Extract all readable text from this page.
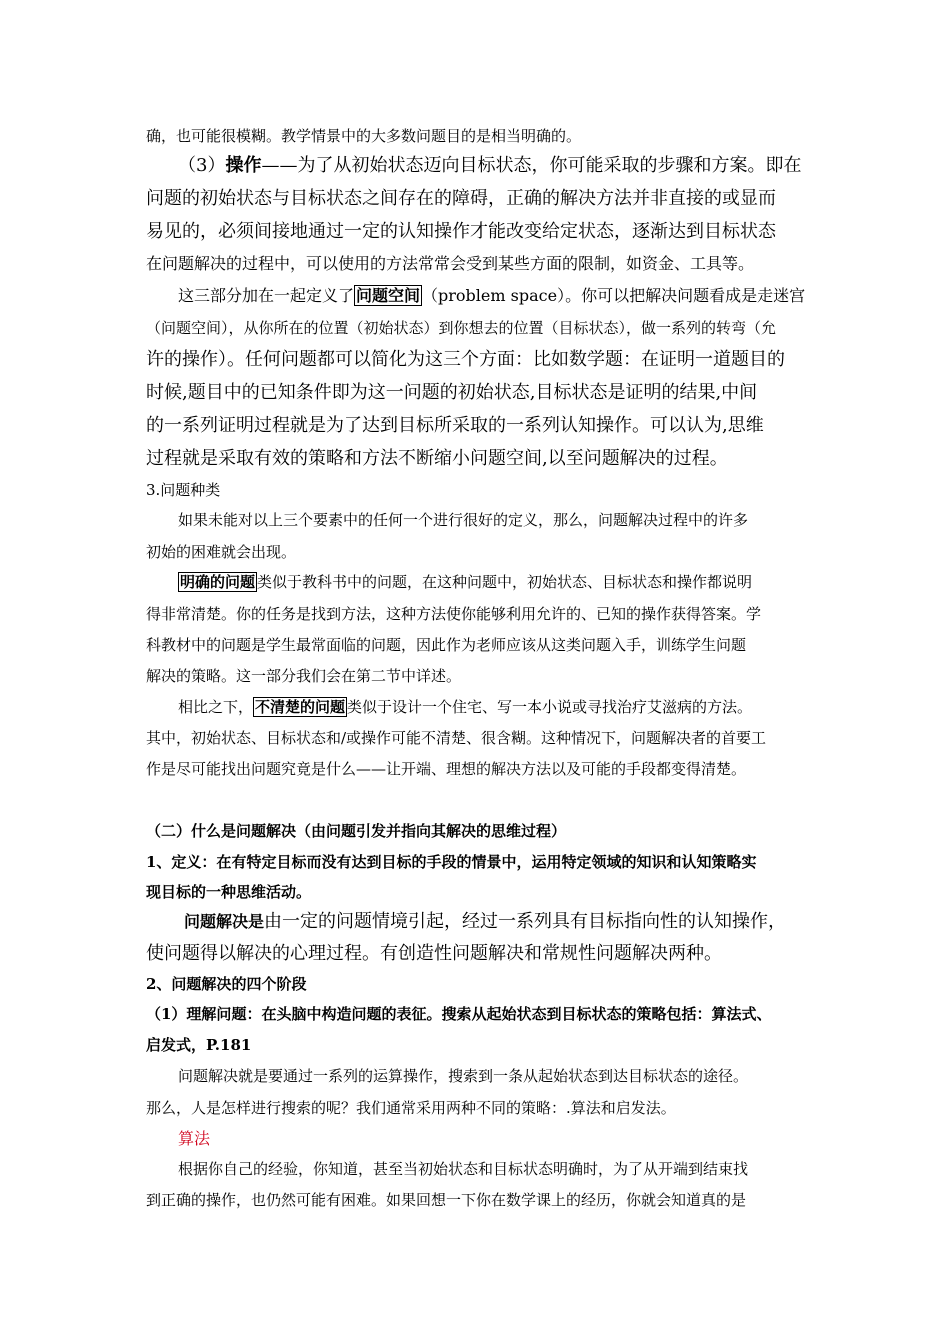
确，也可能很模糊。教学情景中的大多数问题目的是相当明确的。
（3）操作——为了从初始状态迈向目标状态，你可能采取的步骤和方案。即在
问题的初始状态与目标状态之间存在的障碍，正确的解决方法并非直接的或显而
易见的，必须间接地通过一定的认知操作才能改变给定状态，逐渐达到目标状态
在问题解决的过程中，可以使用的方法常常会受到某些方面的限制，如资金、工具等。
这三部分加在一起定义了 问题空间 （problem space）。你可以把解决问题看成是走迷宫
（问题空间），从你所在的位置（初始状态）到你想去的位置（目标状态），做一系列的转弯（允
许的操作）。任何问题都可以简化为这三个方面：比如数学题：在证明一道题目的
时候,题目中的已知条件即为这一问题的初始状态,目标状态是证明的结果,中间
的一系列证明过程就是为了达到目标所采取的一系列认知操作。可以认为,思维
过程就是采取有效的策略和方法不断缩小问题空间,以至问题解决的过程。
3.问题种类
如果未能对以上三个要素中的任何一个进行很好的定义，那么，问题解决过程中的许多
初始的困难就会出现。
明确的问题 类似于教科书中的问题，在这种问题中，初始状态、目标状态和操作都说明
得非常清楚。你的任务是找到方法，这种方法使你能够利用允许的、已知的操作获得答案。学
科教材中的问题是学生最常面临的问题，因此作为老师应该从这类问题入手，训练学生问题
解决的策略。这一部分我们会在第二节中详述。
相比之下， 不清楚的问题 类似于设计一个住宅、写一本小说或寻找治疗艾滋病的方法。
其中，初始状态、目标状态和/或操作可能不清楚、很含糊。这种情况下，问题解决者的首要工
作是尽可能找出问题究竟是什么——让开端、理想的解决方法以及可能的手段都变得清楚。
（二）什么是问题解决（由问题引发并指向其解决的思维过程）
1、定义：在有特定目标而没有达到目标的手段的情景中，运用特定领域的知识和认知策略实
现目标的一种思维活动。
问题解决是由一定的问题情境引起，经过一系列具有目标指向性的认知操作，
使问题得以解决的心理过程。有创造性问题解决和常规性问题解决两种。
2、问题解决的四个阶段
（1）理解问题：在头脑中构造问题的表征。搜索从起始状态到目标状态的策略包括：算法式、
启发式，P.181
问题解决就是要通过一系列的运算操作，搜索到一条从起始状态到达目标状态的途径。
那么，人是怎样进行搜索的呢？我们通常采用两种不同的策略：.算法和启发法。
算法
根据你自己的经验，你知道，甚至当初始状态和目标状态明确时，为了从开端到结束找
到正确的操作，也仍然可能有困难。如果回想一下你在数学课上的经历，你就会知道真的是
